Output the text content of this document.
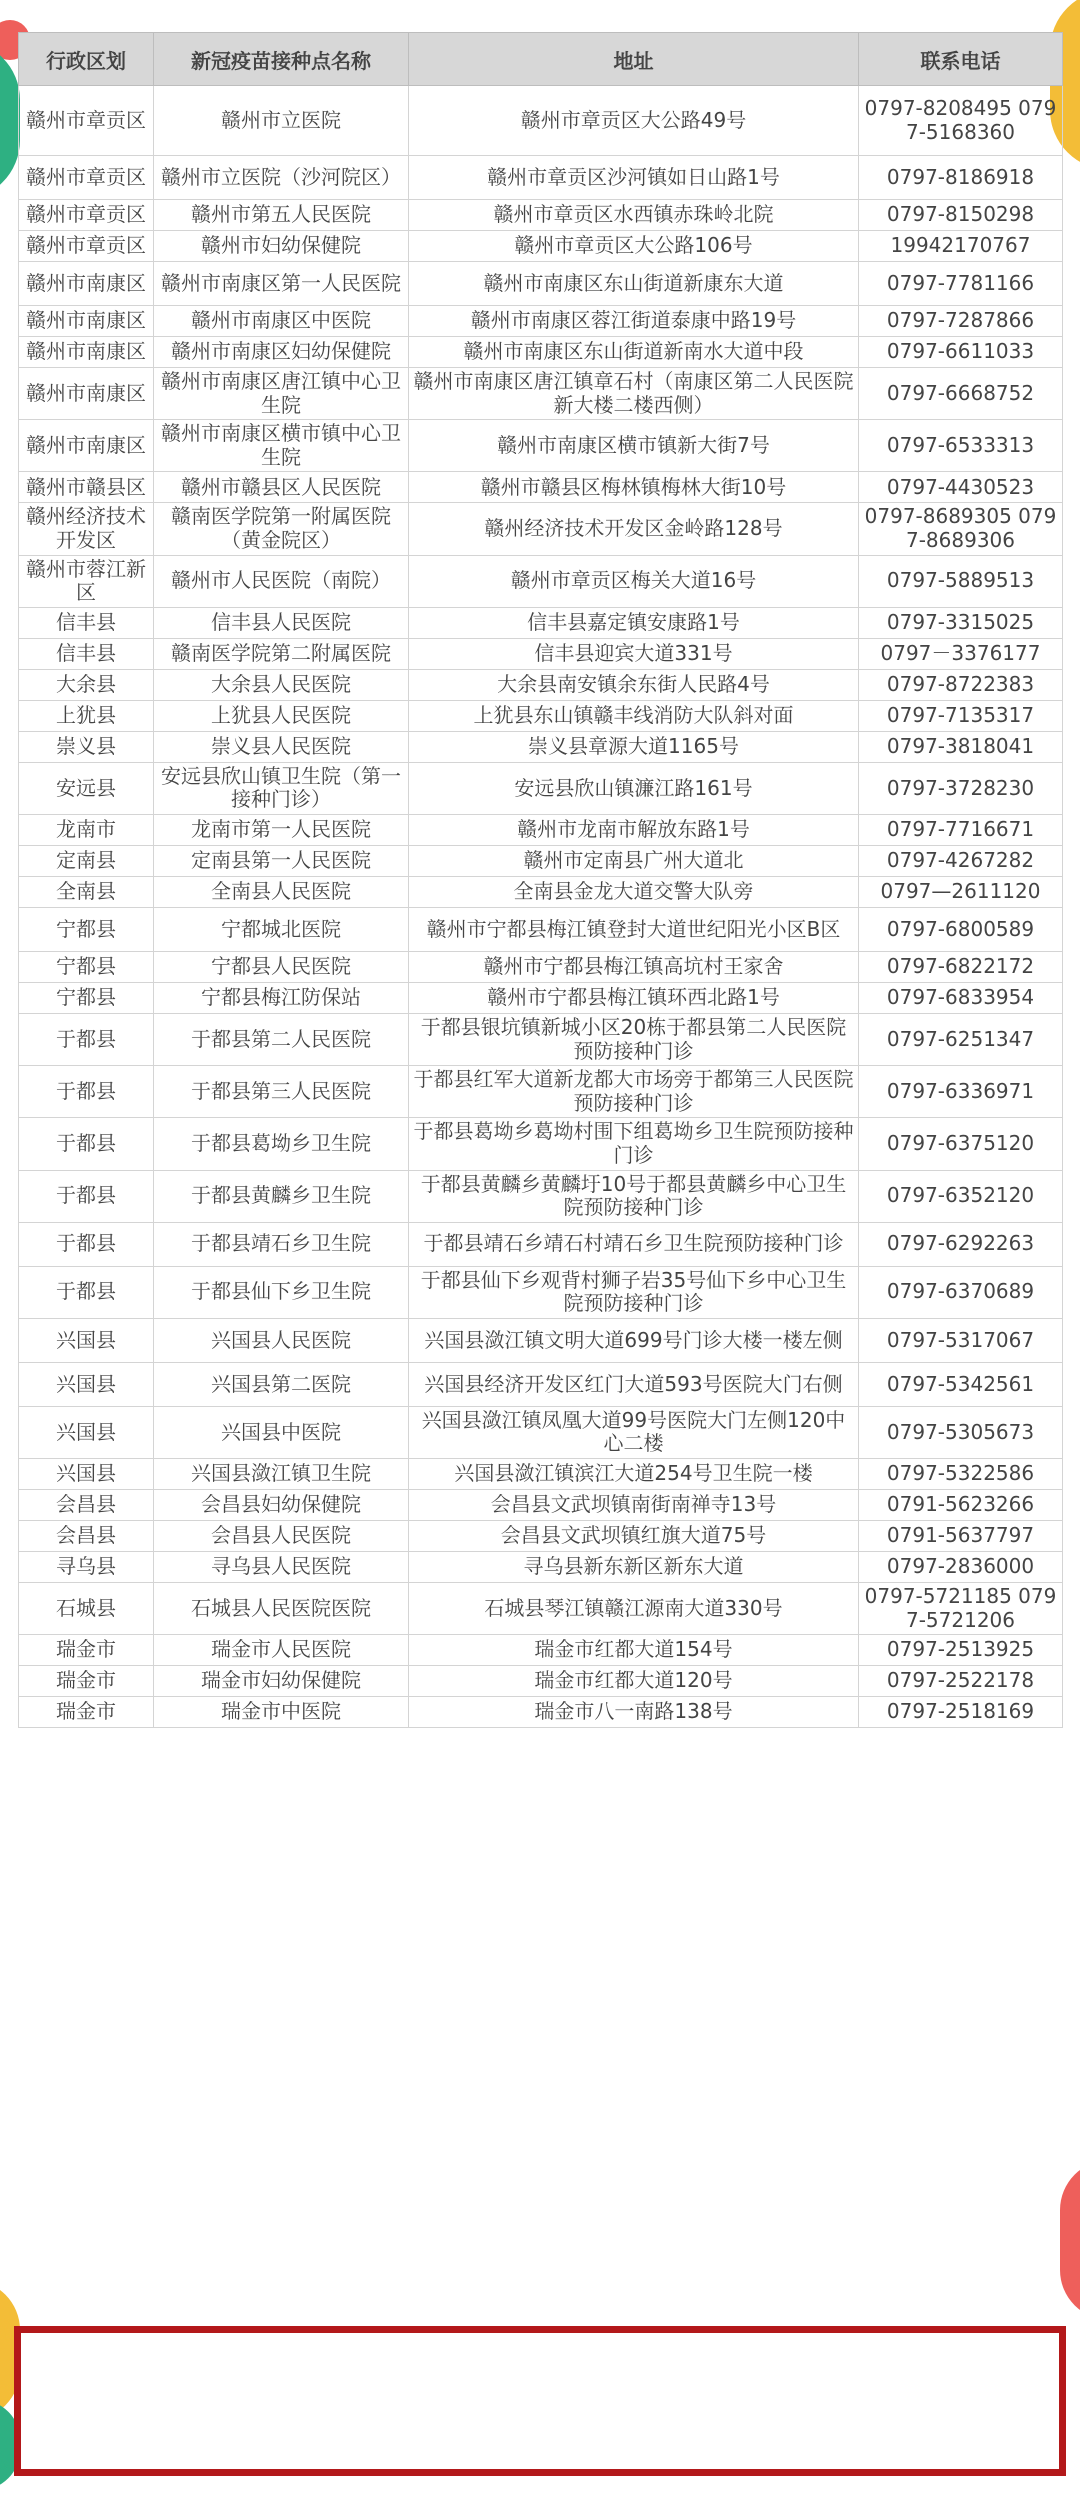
行政区划	新冠疫苗接种点名称	地址	联系电话
赣州市章贡区	赣州市立医院	赣州市章贡区大公路49号	0797-8208495 0797-5168360
赣州市章贡区	赣州市立医院（沙河院区）	赣州市章贡区沙河镇如日山路1号	0797-8186918
赣州市章贡区	赣州市第五人民医院	赣州市章贡区水西镇赤珠岭北院	0797-8150298
赣州市章贡区	赣州市妇幼保健院	赣州市章贡区大公路106号	19942170767
赣州市南康区	赣州市南康区第一人民医院	赣州市南康区东山街道新康东大道	0797-7781166
赣州市南康区	赣州市南康区中医院	赣州市南康区蓉江街道泰康中路19号	0797-7287866
赣州市南康区	赣州市南康区妇幼保健院	赣州市南康区东山街道新南水大道中段	0797-6611033
赣州市南康区	赣州市南康区唐江镇中心卫生院	赣州市南康区唐江镇章石村（南康区第二人民医院新大楼二楼西侧）	0797-6668752
赣州市南康区	赣州市南康区横市镇中心卫生院	赣州市南康区横市镇新大街7号	0797-6533313
赣州市赣县区	赣州市赣县区人民医院	赣州市赣县区梅林镇梅林大街10号	0797-4430523
赣州经济技术开发区	赣南医学院第一附属医院（黄金院区）	赣州经济技术开发区金岭路128号	0797-8689305 0797-8689306
赣州市蓉江新区	赣州市人民医院（南院）	赣州市章贡区梅关大道16号	0797-5889513
信丰县	信丰县人民医院	信丰县嘉定镇安康路1号	0797-3315025
信丰县	赣南医学院第二附属医院	信丰县迎宾大道331号	0797－3376177
大余县	大余县人民医院	大余县南安镇余东街人民路4号	0797-8722383
上犹县	上犹县人民医院	上犹县东山镇赣丰线消防大队斜对面	0797-7135317
崇义县	崇义县人民医院	崇义县章源大道1165号	0797-3818041
安远县	安远县欣山镇卫生院（第一接种门诊）	安远县欣山镇濂江路161号	0797-3728230
龙南市	龙南市第一人民医院	赣州市龙南市解放东路1号	0797-7716671
定南县	定南县第一人民医院	赣州市定南县广州大道北	0797-4267282
全南县	全南县人民医院	全南县金龙大道交警大队旁	0797—2611120
宁都县	宁都城北医院	赣州市宁都县梅江镇登封大道世纪阳光小区B区	0797-6800589
宁都县	宁都县人民医院	赣州市宁都县梅江镇高坑村王家舍	0797-6822172
宁都县	宁都县梅江防保站	赣州市宁都县梅江镇环西北路1号	0797-6833954
于都县	于都县第二人民医院	于都县银坑镇新城小区20栋于都县第二人民医院预防接种门诊	0797-6251347
于都县	于都县第三人民医院	于都县红军大道新龙都大市场旁于都第三人民医院预防接种门诊	0797-6336971
于都县	于都县葛坳乡卫生院	于都县葛坳乡葛坳村围下组葛坳乡卫生院预防接种门诊	0797-6375120
于都县	于都县黄麟乡卫生院	于都县黄麟乡黄麟圩10号于都县黄麟乡中心卫生院预防接种门诊	0797-6352120
于都县	于都县靖石乡卫生院	于都县靖石乡靖石村靖石乡卫生院预防接种门诊	0797-6292263
于都县	于都县仙下乡卫生院	于都县仙下乡观背村狮子岩35号仙下乡中心卫生院预防接种门诊	0797-6370689
兴国县	兴国县人民医院	兴国县潋江镇文明大道699号门诊大楼一楼左侧	0797-5317067
兴国县	兴国县第二医院	兴国县经济开发区红门大道593号医院大门右侧	0797-5342561
兴国县	兴国县中医院	兴国县潋江镇凤凰大道99号医院大门左侧120中心二楼	0797-5305673
兴国县	兴国县潋江镇卫生院	兴国县潋江镇滨江大道254号卫生院一楼	0797-5322586
会昌县	会昌县妇幼保健院	会昌县文武坝镇南街南禅寺13号	0791-5623266
会昌县	会昌县人民医院	会昌县文武坝镇红旗大道75号	0791-5637797
寻乌县	寻乌县人民医院	寻乌县新东新区新东大道	0797-2836000
石城县	石城县人民医院医院	石城县琴江镇赣江源南大道330号	0797-5721185 0797-5721206
瑞金市	瑞金市人民医院	瑞金市红都大道154号	0797-2513925
瑞金市	瑞金市妇幼保健院	瑞金市红都大道120号	0797-2522178
瑞金市	瑞金市中医院	瑞金市八一南路138号	0797-2518169
